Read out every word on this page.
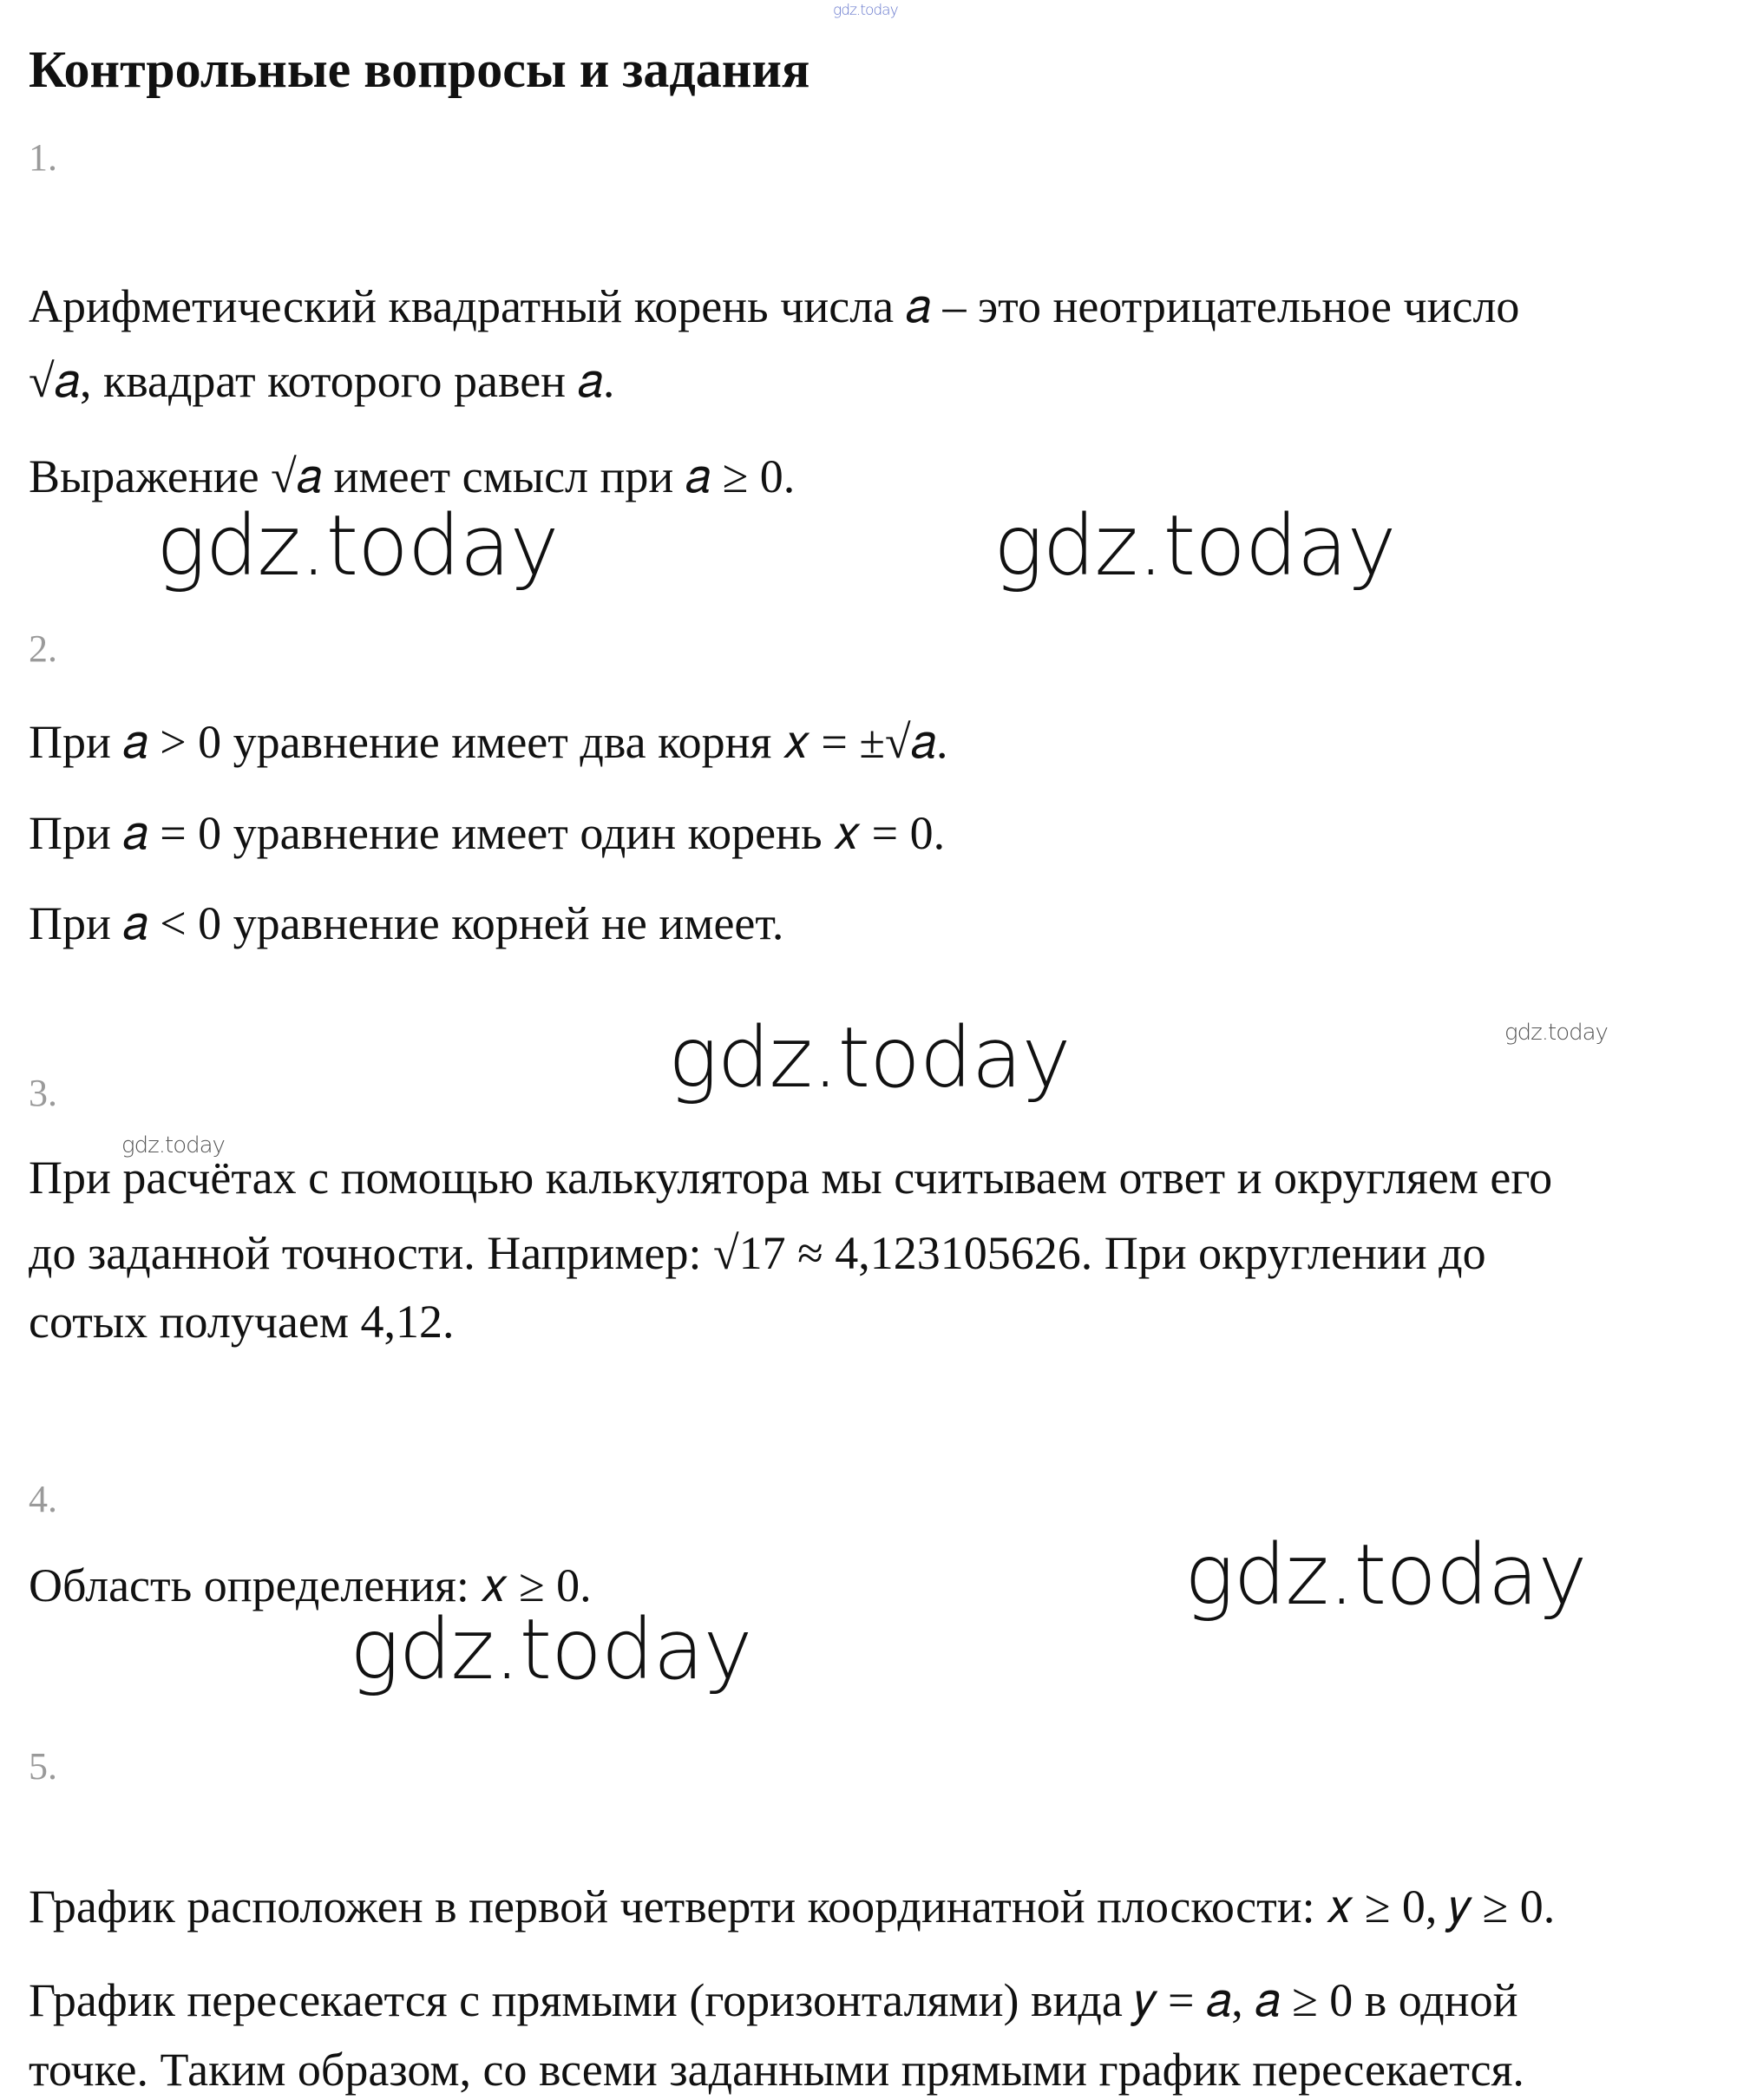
gdz.today
Контрольные вопросы и задания
1.
Арифметический квадратный корень числа 𝑎 – это неотрицательное число
√𝑎, квадрат которого равен 𝑎.
Выражение √𝑎 имеет смысл при 𝑎 ≥ 0.
gdz.today	gdz.today
2.
При 𝑎 > 0 уравнение имеет два корня 𝑥 = ±√𝑎.
При 𝑎 = 0 уравнение имеет один корень 𝑥 = 0.
При 𝑎 < 0 уравнение корней не имеет.
gdz.today	gdz.today
3.
gdz.today
При расчётах с помощью калькулятора мы считываем ответ и округляем его
до заданной точности. Например: √17 ≈ 4,123105626. При округлении до
сотых получаем 4,12.
4.
Область определения: 𝑥 ≥ 0.	gdz.today
gdz.today
5.
График расположен в первой четверти координатной плоскости: 𝑥 ≥ 0, 𝑦 ≥ 0.
График пересекается с прямыми (горизонталями) вида 𝑦 = 𝑎, 𝑎 ≥ 0 в одной
точке. Таким образом, со всеми заданными прямыми график пересекается.
